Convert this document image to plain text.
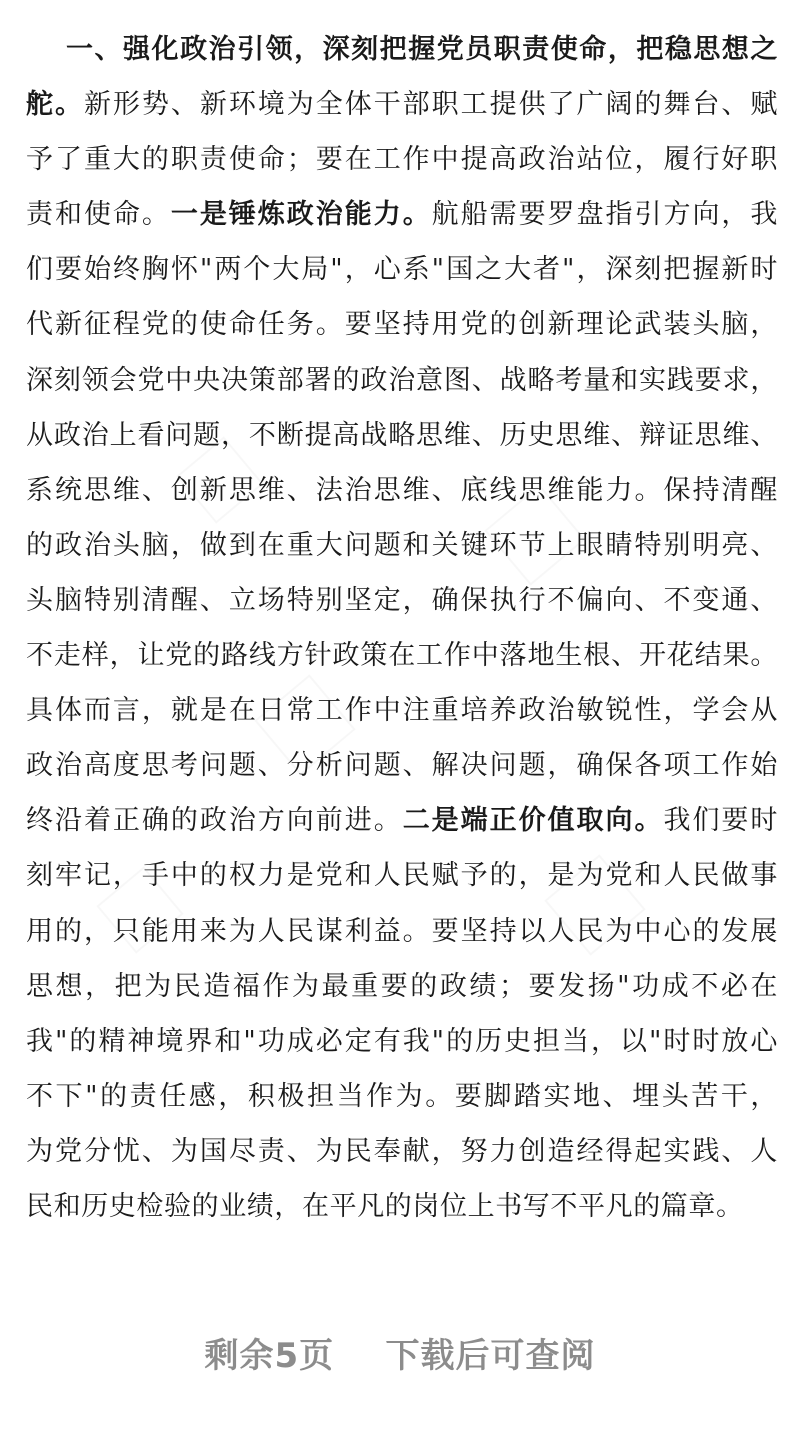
一、强化政治引领，深刻把握党员职责使命，把稳思想之
舵。新形势、新环境为全体干部职工提供了广阔的舞台、赋
予了重大的职责使命；要在工作中提高政治站位，履行好职
责和使命。一是锤炼政治能力。航船需要罗盘指引方向，我
们要始终胸怀"两个大局"，心系"国之大者"，深刻把握新时
代新征程党的使命任务。要坚持用党的创新理论武装头脑，
深刻领会党中央决策部署的政治意图、战略考量和实践要求，
从政治上看问题，不断提高战略思维、历史思维、辩证思维、
系统思维、创新思维、法治思维、底线思维能力。保持清醒
的政治头脑，做到在重大问题和关键环节上眼睛特别明亮、
头脑特别清醒、立场特别坚定，确保执行不偏向、不变通、
不走样，让党的路线方针政策在工作中落地生根、开花结果。
具体而言，就是在日常工作中注重培养政治敏锐性，学会从
政治高度思考问题、分析问题、解决问题，确保各项工作始
终沿着正确的政治方向前进。二是端正价值取向。我们要时
刻牢记，手中的权力是党和人民赋予的，是为党和人民做事
用的，只能用来为人民谋利益。要坚持以人民为中心的发展
思想，把为民造福作为最重要的政绩；要发扬"功成不必在
我"的精神境界和"功成必定有我"的历史担当，以"时时放心
不下"的责任感，积极担当作为。要脚踏实地、埋头苦干，
为党分忧、为国尽责、为民奉献，努力创造经得起实践、人
民和历史检验的业绩，在平凡的岗位上书写不平凡的篇章。
剩余5页    下载后可查阅
